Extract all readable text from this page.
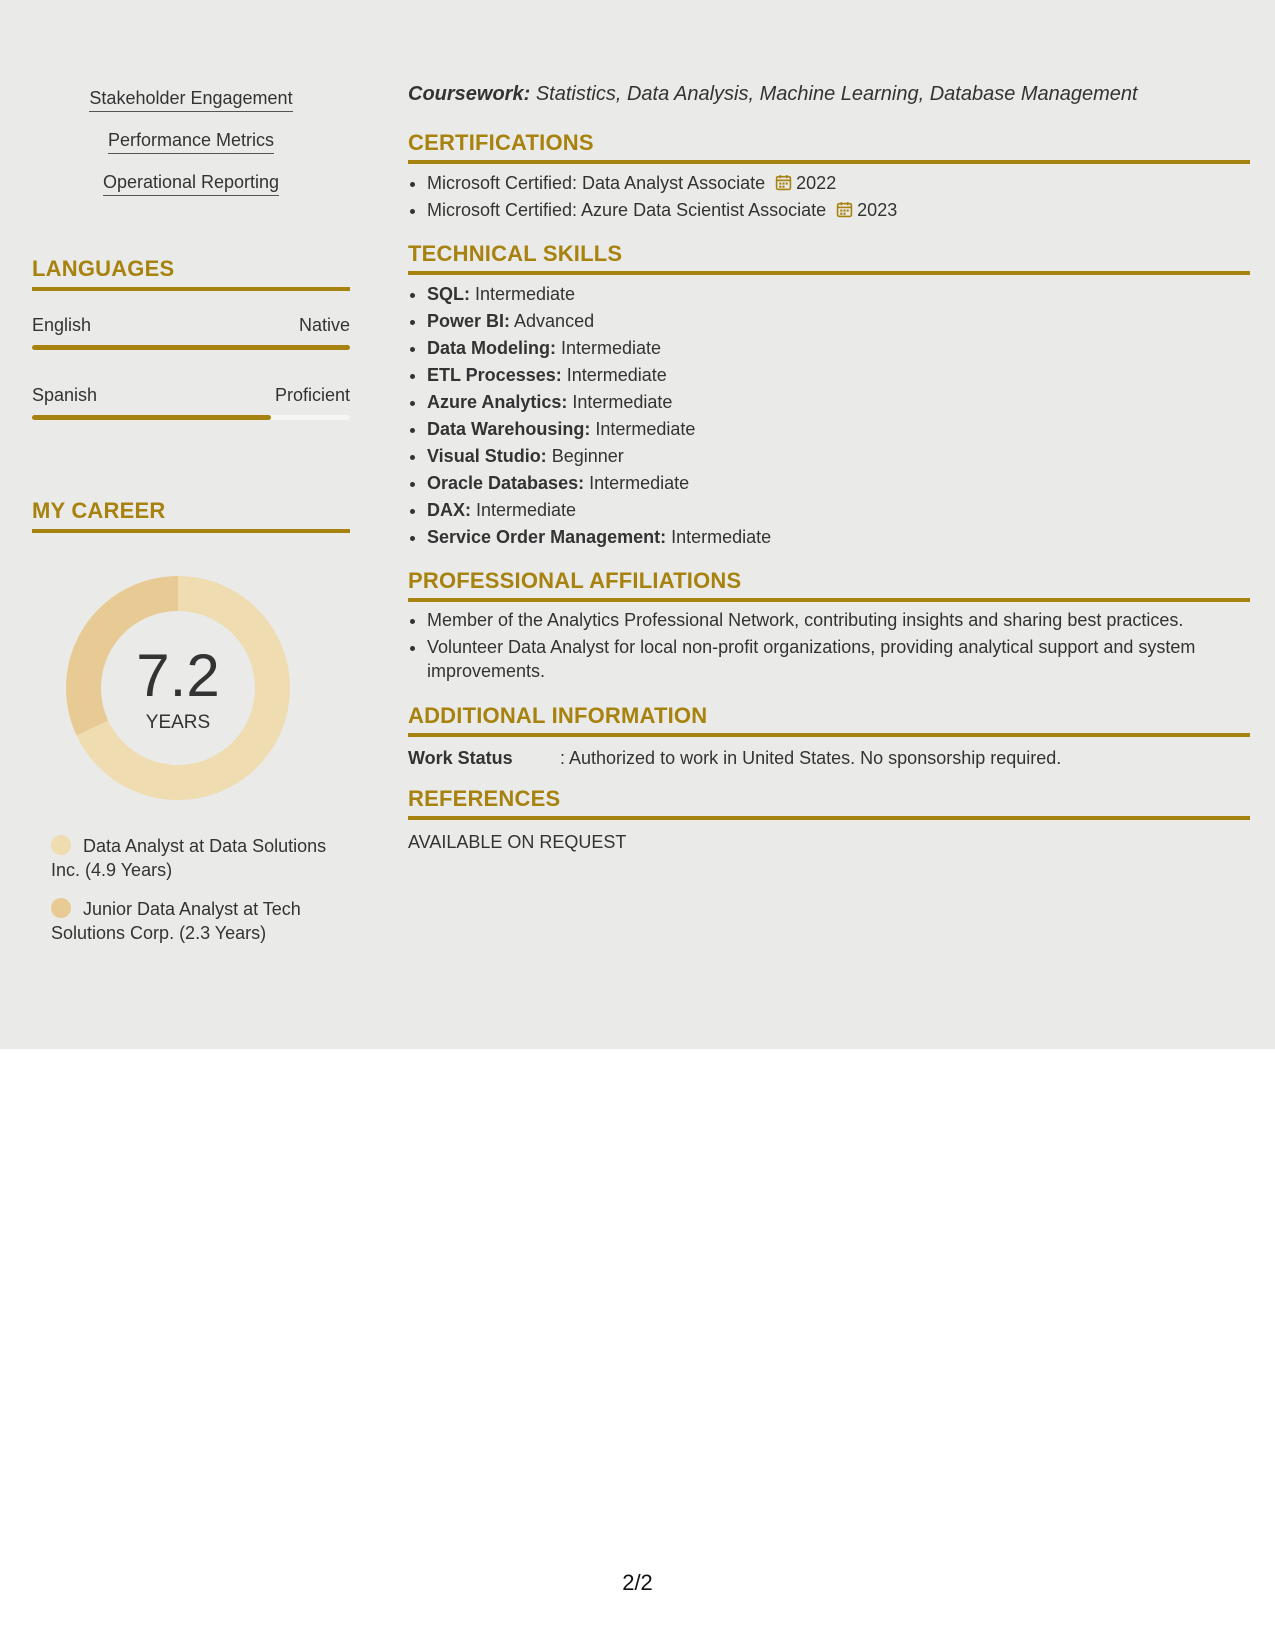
Stakeholder Engagement
Performance Metrics
Operational Reporting
LANGUAGES
English	Native
Spanish	Proficient
MY CAREER
7.2
YEARS
Data Analyst at Data Solutions Inc. (4.9 Years)
Junior Data Analyst at Tech Solutions Corp. (2.3 Years)
Coursework: Statistics, Data Analysis, Machine Learning, Database Management
CERTIFICATIONS
• Microsoft Certified: Data Analyst Associate 2022
• Microsoft Certified: Azure Data Scientist Associate 2023
TECHNICAL SKILLS
• SQL: Intermediate
• Power BI: Advanced
• Data Modeling: Intermediate
• ETL Processes: Intermediate
• Azure Analytics: Intermediate
• Data Warehousing: Intermediate
• Visual Studio: Beginner
• Oracle Databases: Intermediate
• DAX: Intermediate
• Service Order Management: Intermediate
PROFESSIONAL AFFILIATIONS
• Member of the Analytics Professional Network, contributing insights and sharing best practices.
• Volunteer Data Analyst for local non-profit organizations, providing analytical support and system improvements.
ADDITIONAL INFORMATION
Work Status	: Authorized to work in United States. No sponsorship required.
REFERENCES
AVAILABLE ON REQUEST
2/2
